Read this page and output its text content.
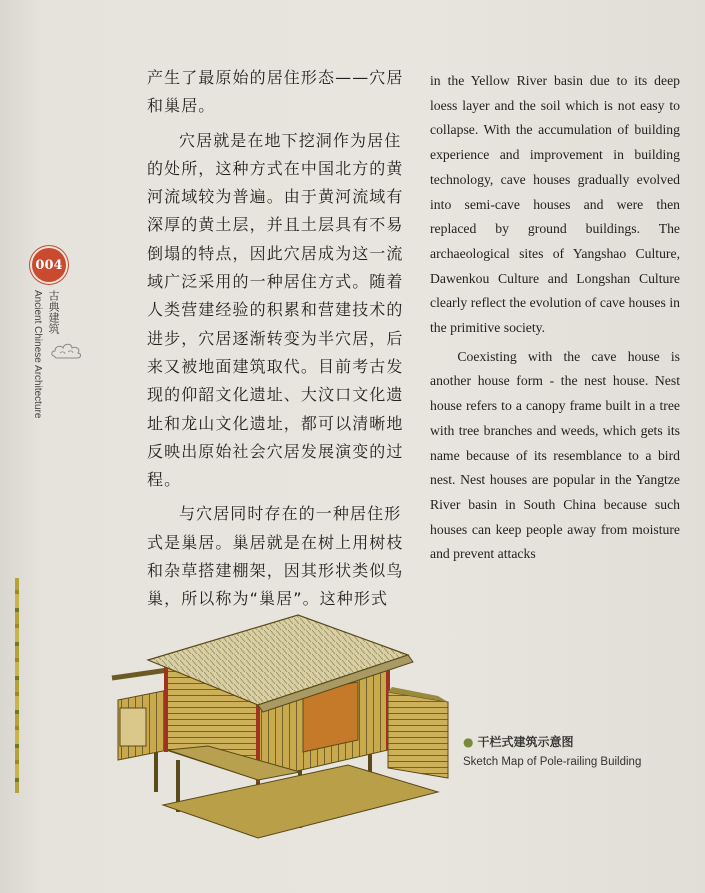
004
古典建筑
Ancient Chinese Architecture

产生了最原始的居住形态——穴居和巢居。

穴居就是在地下挖洞作为居住的处所，这种方式在中国北方的黄河流域较为普遍。由于黄河流域有深厚的黄土层，并且土层具有不易倒塌的特点，因此穴居成为这一流域广泛采用的一种居住方式。随着人类营建经验的积累和营建技术的进步，穴居逐渐转变为半穴居，后来又被地面建筑取代。目前考古发现的仰韶文化遗址、大汶口文化遗址和龙山文化遗址，都可以清晰地反映出原始社会穴居发展演变的过程。

与穴居同时存在的一种居住形式是巢居。巢居就是在树上用树枝和杂草搭建棚架，因其形状类似鸟巢，所以称为“巢居”。这种形式

in the Yellow River basin due to its deep loess layer and the soil which is not easy to collapse. With the accumulation of building experience and improvement in building technology, cave houses gradually evolved into semi-cave houses and were then replaced by ground buildings. The archaeological sites of Yangshao Culture, Dawenkou Culture and Longshan Culture clearly reflect the evolution of cave houses in the primitive society.

Coexisting with the cave house is another house form - the nest house. Nest house refers to a canopy frame built in a tree with tree branches and weeds, which gets its name because of its resemblance to a bird nest. Nest houses are popular in the Yangtze River basin in South China because such houses can keep people away from moisture and prevent attacks

● 干栏式建筑示意图
Sketch Map of Pole-railing Building
